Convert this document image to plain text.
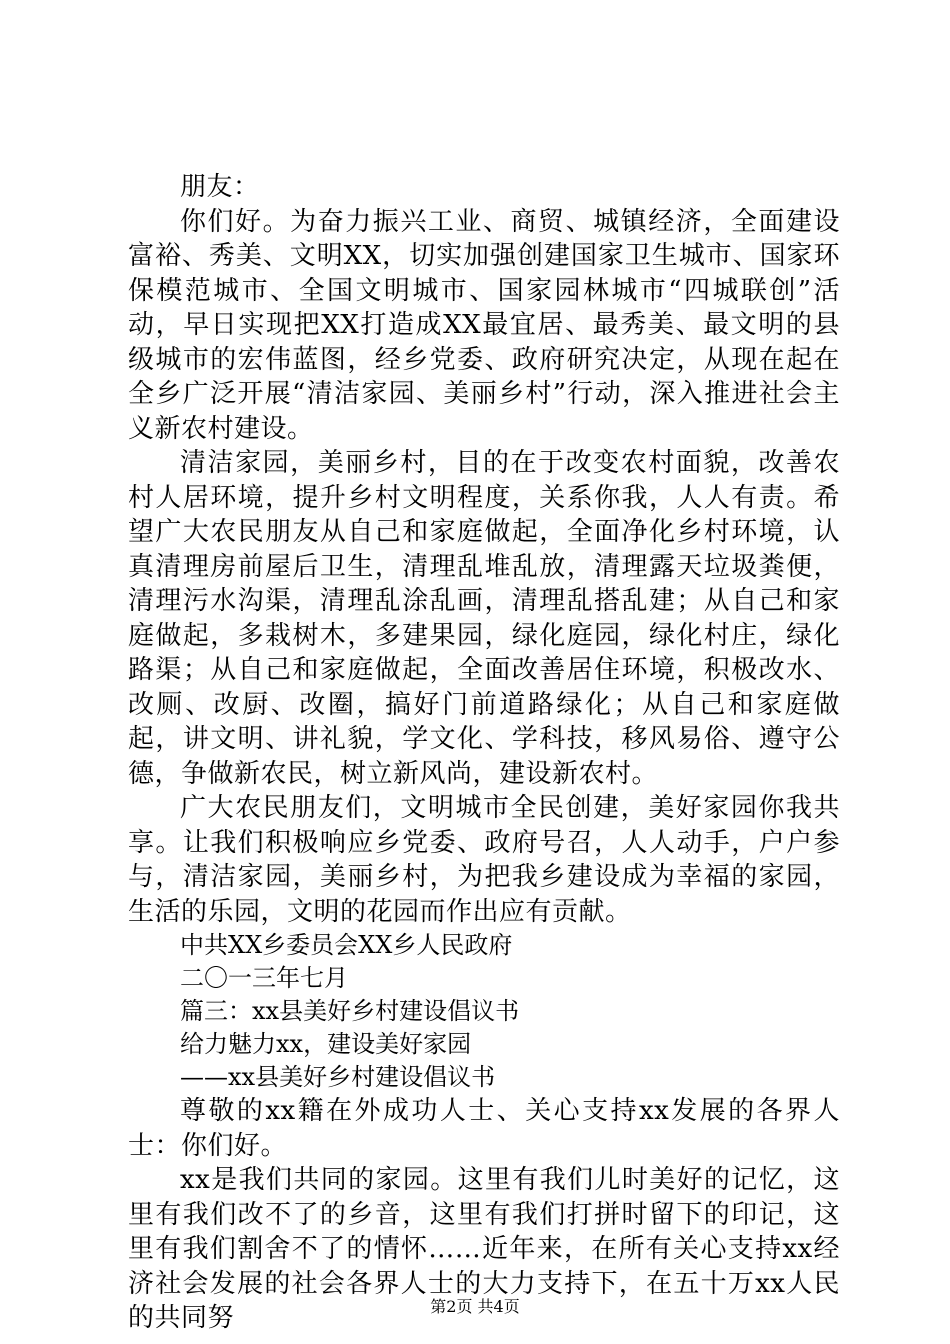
朋友：

你们好。为奋力振兴工业、商贸、城镇经济，全面建设富裕、秀美、文明XX，切实加强创建国家卫生城市、国家环保模范城市、全国文明城市、国家园林城市“四城联创”活动，早日实现把XX打造成XX最宜居、最秀美、最文明的县级城市的宏伟蓝图，经乡党委、政府研究决定，从现在起在全乡广泛开展“清洁家园、美丽乡村”行动，深入推进社会主义新农村建设。

清洁家园，美丽乡村，目的在于改变农村面貌，改善农村人居环境，提升乡村文明程度，关系你我，人人有责。希望广大农民朋友从自己和家庭做起，全面净化乡村环境，认真清理房前屋后卫生，清理乱堆乱放，清理露天垃圾粪便，清理污水沟渠，清理乱涂乱画，清理乱搭乱建；从自己和家庭做起，多栽树木，多建果园，绿化庭园，绿化村庄，绿化路渠；从自己和家庭做起，全面改善居住环境，积极改水、改厕、改厨、改圈，搞好门前道路绿化；从自己和家庭做起，讲文明、讲礼貌，学文化、学科技，移风易俗、遵守公德，争做新农民，树立新风尚，建设新农村。

广大农民朋友们，文明城市全民创建，美好家园你我共享。让我们积极响应乡党委、政府号召，人人动手，户户参与，清洁家园，美丽乡村，为把我乡建设成为幸福的家园，生活的乐园，文明的花园而作出应有贡献。

中共XX乡委员会XX乡人民政府

二〇一三年七月

篇三：xx县美好乡村建设倡议书

给力魅力xx，建设美好家园

——xx县美好乡村建设倡议书

尊敬的xx籍在外成功人士、关心支持xx发展的各界人士：你们好。

xx是我们共同的家园。这里有我们儿时美好的记忆，这里有我们改不了的乡音，这里有我们打拼时留下的印记，这里有我们割舍不了的情怀……近年来，在所有关心支持xx经济社会发展的社会各界人士的大力支持下，在五十万xx人民的共同努	第2页 共4页
